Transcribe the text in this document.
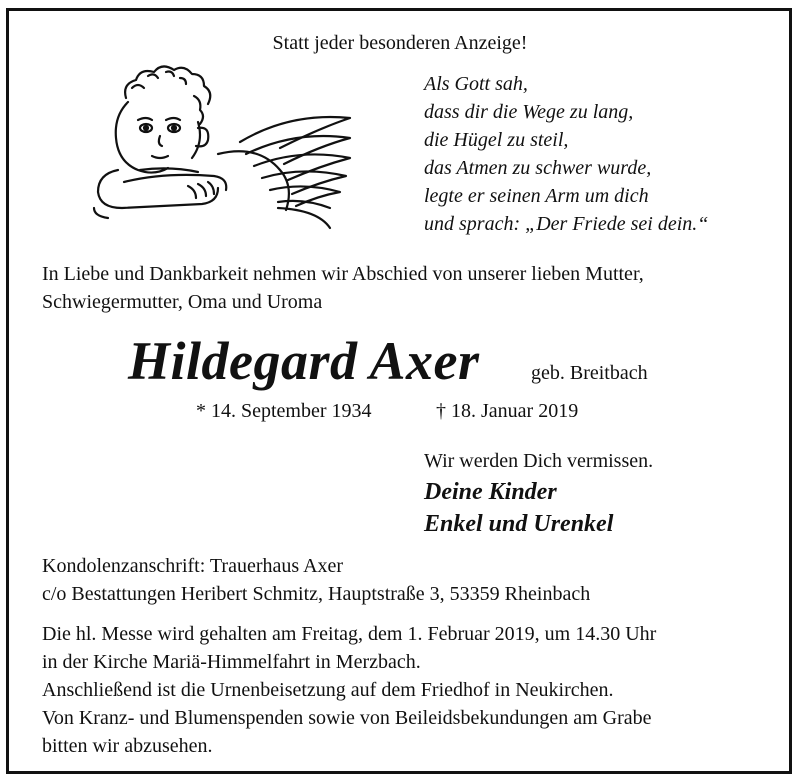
Statt jeder besonderen Anzeige!
Als Gott sah,
dass dir die Wege zu lang,
die Hügel zu steil,
das Atmen zu schwer wurde,
legte er seinen Arm um dich
und sprach: „Der Friede sei dein.“
In Liebe und Dankbarkeit nehmen wir Abschied von unserer lieben Mutter,
Schwiegermutter, Oma und Uroma
Hildegard Axer	geb. Breitbach
* 14. September 1934	† 18. Januar 2019
Wir werden Dich vermissen.
Deine Kinder
Enkel und Urenkel
Kondolenzanschrift: Trauerhaus Axer
c/o Bestattungen Heribert Schmitz, Hauptstraße 3, 53359 Rheinbach
Die hl. Messe wird gehalten am Freitag, dem 1. Februar 2019, um 14.30 Uhr
in der Kirche Mariä-Himmelfahrt in Merzbach.
Anschließend ist die Urnenbeisetzung auf dem Friedhof in Neukirchen.
Von Kranz- und Blumenspenden sowie von Beileidsbekundungen am Grabe
bitten wir abzusehen.
